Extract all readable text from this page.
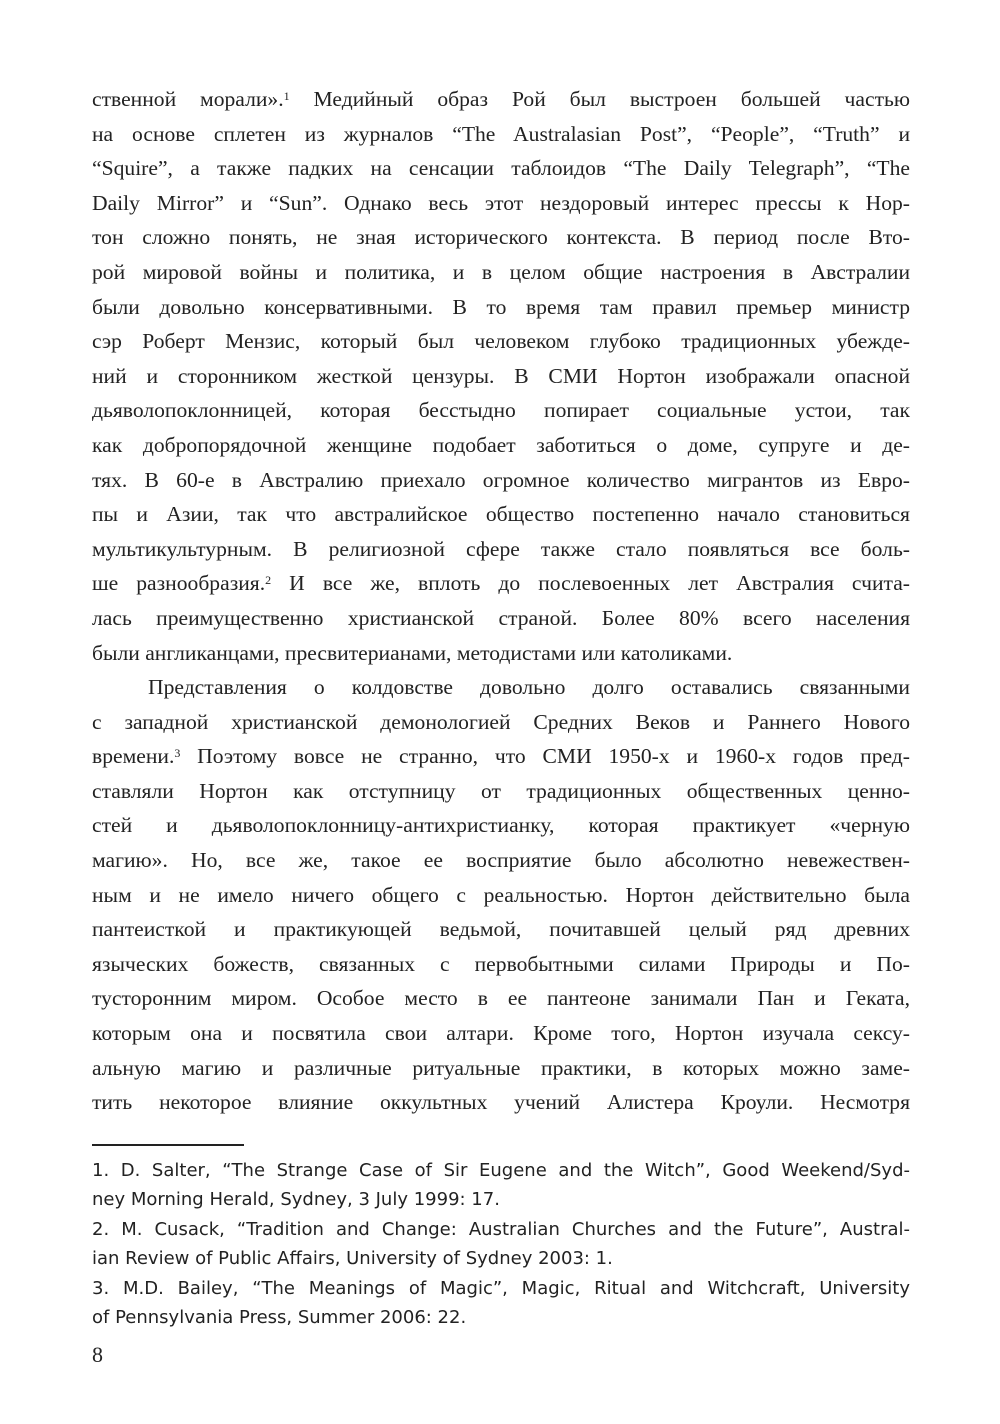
ственной морали».$^1$ Медийный образ Рой был выстроен большей частью
на основе сплетен из журналов “The Australasian Post”, “People”, “Truth” и
“Squire”, а также падких на сенсации таблоидов “The Daily Telegraph”, “The
Daily Mirror” и “Sun”. Однако весь этот нездоровый интерес прессы к Нор-
тон сложно понять, не зная исторического контекста. В период после Вто-
рой мировой войны и политика, и в целом общие настроения в Австралии
были довольно консервативными. В то время там правил премьер министр
сэр Роберт Мензис, который был человеком глубоко традиционных убежде-
ний и сторонником жесткой цензуры. В СМИ Нортон изображали опасной
дьяволопоклонницей, которая бесстыдно попирает социальные устои, так
как добропорядочной женщине подобает заботиться о доме, супруге и де-
тях. В 60-е в Австралию приехало огромное количество мигрантов из Евро-
пы и Азии, так что австралийское общество постепенно начало становиться
мультикультурным. В религиозной сфере также стало появляться все боль-
ше разнообразия.$^2$ И все же, вплоть до послевоенных лет Австралия счита-
лась преимущественно христианской страной. Более 80% всего населения
были англиканцами, пресвитерианами, методистами или католиками.
Представления о колдовстве довольно долго оставались связанными
с западной христианской демонологией Средних Веков и Раннего Нового
времени.$^3$ Поэтому вовсе не странно, что СМИ 1950-х и 1960-х годов пред-
ставляли Нортон как отступницу от традиционных общественных ценно-
стей и дьяволопоклонницу-антихристианку, которая практикует «черную
магию». Но, все же, такое ее восприятие было абсолютно невежествен-
ным и не имело ничего общего с реальностью. Нортон действительно была
пантеисткой и практикующей ведьмой, почитавшей целый ряд древних
языческих божеств, связанных с первобытными силами Природы и По-
тусторонним миром. Особое место в ее пантеоне занимали Пан и Геката,
которым она и посвятила свои алтари. Кроме того, Нортон изучала сексу-
альную магию и различные ритуальные практики, в которых можно заме-
тить некоторое влияние оккультных учений Алистера Кроули. Несмотря
1. D. Salter, “The Strange Case of Sir Eugene and the Witch”, Good Weekend/Syd-
ney Morning Herald, Sydney, 3 July 1999: 17.
2. M. Cusack, “Tradition and Change: Australian Churches and the Future”, Austral-
ian Review of Public Affairs, University of Sydney 2003: 1.
3. M.D. Bailey, “The Meanings of Magic”, Magic, Ritual and Witchcraft, University
of Pennsylvania Press, Summer 2006: 22.
8
